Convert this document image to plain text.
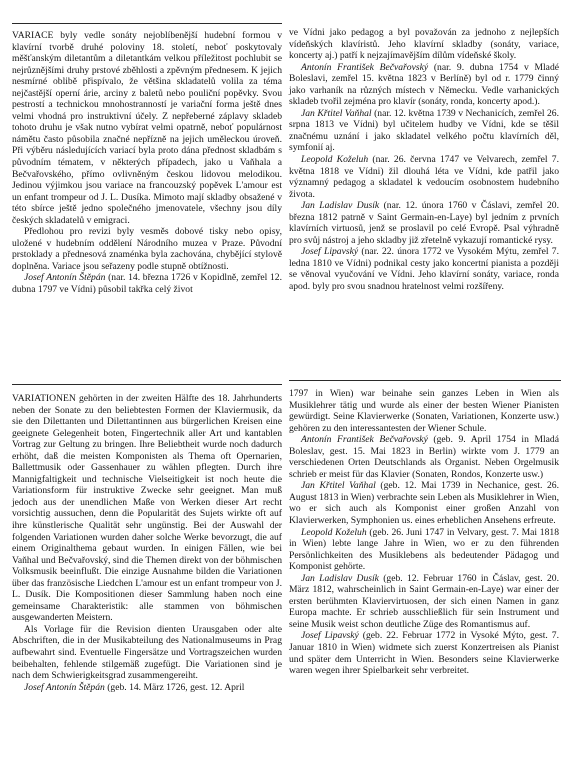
VARIACE byly vedle sonáty nejoblíbenější hudební formou v klavírní tvorbě druhé poloviny 18. století, neboť poskytovaly měšťanským diletantům a diletantkám velkou příležitost pochlubit se nejrůznějšími druhy prstové zběhlosti a zpěvným přednesem. K jejich nesmírné oblibě přispívalo, že většina skladatelů volila za téma nejčastější operní árie, arciny z baletů nebo pouliční popěvky. Svou pestrostí a technickou mnohostranností je variační forma ještě dnes velmi vhodná pro instruktivní účely. Z nepřeberné záplavy skladeb tohoto druhu je však nutno vybírat velmi opatrně, neboť populárnost námětu často působila značné nepřízně na jejich uměleckou úroveň. Při výběru následujících variací byla proto dána přednost skladbám s původním tématem, v některých případech, jako u Vaňhala a Bečvařovského, přímo ovlivněným českou lidovou melodikou. Jedinou výjimkou jsou variace na francouzský popěvek L'amour est un enfant trompeur od J. L. Dusíka. Mimoto mají skladby obsažené v této sbírce ještě jedno společného jmenovatele, všechny jsou díly českých skladatelů v emigraci.

Předlohou pro revizi byly vesměs dobové tisky nebo opisy, uložené v hudebním oddělení Národního muzea v Praze. Původní prstoklady a přednesová znaménka byla zachována, chybějící stylově doplněna. Variace jsou seřazeny podle stupně obtížnosti.

Josef Antonín Štěpán (nar. 14. března 1726 v Kopidlně, zemřel 12. dubna 1797 ve Vídni) působil takřka celý život

ve Vídni jako pedagog a byl považován za jednoho z nejlepších vídeňských klavíristů. Jeho klavírní skladby (sonáty, variace, koncerty aj.) patří k nejzajímavějším dílům vídeňské školy.

Antonín František Bečvařovský (nar. 9. dubna 1754 v Mladé Boleslavi, zemřel 15. května 1823 v Berlíně) byl od r. 1779 činný jako varhaník na různých místech v Německu. Vedle varhanických skladeb tvořil zejména pro klavír (sonáty, ronda, koncerty apod.).

Jan Křtitel Vaňhal (nar. 12. května 1739 v Nechanicích, zemřel 26. srpna 1813 ve Vídni) byl učitelem hudby ve Vídni, kde se těšil značnému uznání i jako skladatel velkého počtu klavírních děl, symfonií aj.

Leopold Koželuh (nar. 26. června 1747 ve Velvarech, zemřel 7. května 1818 ve Vídni) žil dlouhá léta ve Vídni, kde patřil jako významný pedagog a skladatel k vedoucím osobnostem hudebního života.

Jan Ladislav Dusík (nar. 12. února 1760 v Čáslavi, zemřel 20. března 1812 patrně v Saint Germain-en-Laye) byl jedním z prvních klavírních virtuosů, jenž se proslavil po celé Evropě. Psal výhradně pro svůj nástroj a jeho skladby již zřetelně vykazují romantické rysy.

Josef Lipavský (nar. 22. února 1772 ve Vysokém Mýtu, zemřel 7. ledna 1810 ve Vídni) podnikal cesty jako koncertní pianista a později se věnoval vyučování ve Vídni. Jeho klavírní sonáty, variace, ronda apod. byly pro svou snadnou hratelnost velmi rozšířeny.

VARIATIONEN gehörten in der zweiten Hälfte des 18. Jahrhunderts neben der Sonate zu den beliebtesten Formen der Klaviermusik, da sie den Dilettanten und Dilettantinnen aus bürgerlichen Kreisen eine geeignete Gelegenheit boten, Fingertechnik aller Art und kantablen Vortrag zur Geltung zu bringen. Ihre Beliebtheit wurde noch dadurch erhöht, daß die meisten Komponisten als Thema oft Opernarien, Ballettmusik oder Gassenhauer zu wählen pflegten. Durch ihre Mannigfaltigkeit und technische Vielseitigkeit ist noch heute die Variationsform für instruktive Zwecke sehr geeignet. Man muß jedoch aus der unendlichen Maße von Werken dieser Art recht vorsichtig aussuchen, denn die Popularität des Sujets wirkte oft auf ihre künstlerische Qualität sehr ungünstig. Bei der Auswahl der folgenden Variationen wurden daher solche Werke bevorzugt, die auf einem Originalthema gebaut wurden. In einigen Fällen, wie bei Vaňhal und Bečvařovský, sind die Themen direkt von der böhmischen Volksmusik beeinflußt. Die einzige Ausnahme bilden die Variationen über das französische Liedchen L'amour est un enfant trompeur von J. L. Dusík. Die Kompositionen dieser Sammlung haben noch eine gemeinsame Charakteristik: alle stammen von böhmischen ausgewanderten Meistern.

Als Vorlage für die Revision dienten Urausgaben oder alte Abschriften, die in der Musikabteilung des Nationalmuseums in Prag aufbewahrt sind. Eventuelle Fingersätze und Vortragszeichen wurden beibehalten, fehlende stilgemäß zugefügt. Die Variationen sind je nach dem Schwierigkeitsgrad zusammengereiht.

Josef Antonín Štěpán (geb. 14. März 1726, gest. 12. April

1797 in Wien) war beinahe sein ganzes Leben in Wien als Musiklehrer tätig und wurde als einer der besten Wiener Pianisten gewürdigt. Seine Klavierwerke (Sonaten, Variationen, Konzerte usw.) gehören zu den interessantesten der Wiener Schule.

Antonín František Bečvařovský (geb. 9. April 1754 in Mladá Boleslav, gest. 15. Mai 1823 in Berlin) wirkte vom J. 1779 an verschiedenen Orten Deutschlands als Organist. Neben Orgelmusik schrieb er meist für das Klavier (Sonaten, Rondos, Konzerte usw.)

Jan Křtitel Vaňhal (geb. 12. Mai 1739 in Nechanice, gest. 26. August 1813 in Wien) verbrachte sein Leben als Musiklehrer in Wien, wo er sich auch als Komponist einer großen Anzahl von Klavierwerken, Symphonien us. eines erheblichen Ansehens erfreute.

Leopold Koželuh (geb. 26. Juni 1747 in Velvary, gest. 7. Mai 1818 in Wien) lebte lange Jahre in Wien, wo er zu den führenden Persönlichkeiten des Musiklebens als bedeutender Pädagog und Komponist gehörte.

Jan Ladislav Dusík (geb. 12. Februar 1760 in Čáslav, gest. 20. März 1812, wahrscheinlich in Saint Germain-en-Laye) war einer der ersten berühmten Klaviervirtuosen, der sich einen Namen in ganz Europa machte. Er schrieb ausschließlich für sein Instrument und seine Musik weist schon deutliche Züge des Romantismus auf.

Josef Lipavský (geb. 22. Februar 1772 in Vysoké Mýto, gest. 7. Januar 1810 in Wien) widmete sich zuerst Konzertreisen als Pianist und später dem Unterricht in Wien. Besonders seine Klavierwerke waren wegen ihrer Spielbarkeit sehr verbreitet.
